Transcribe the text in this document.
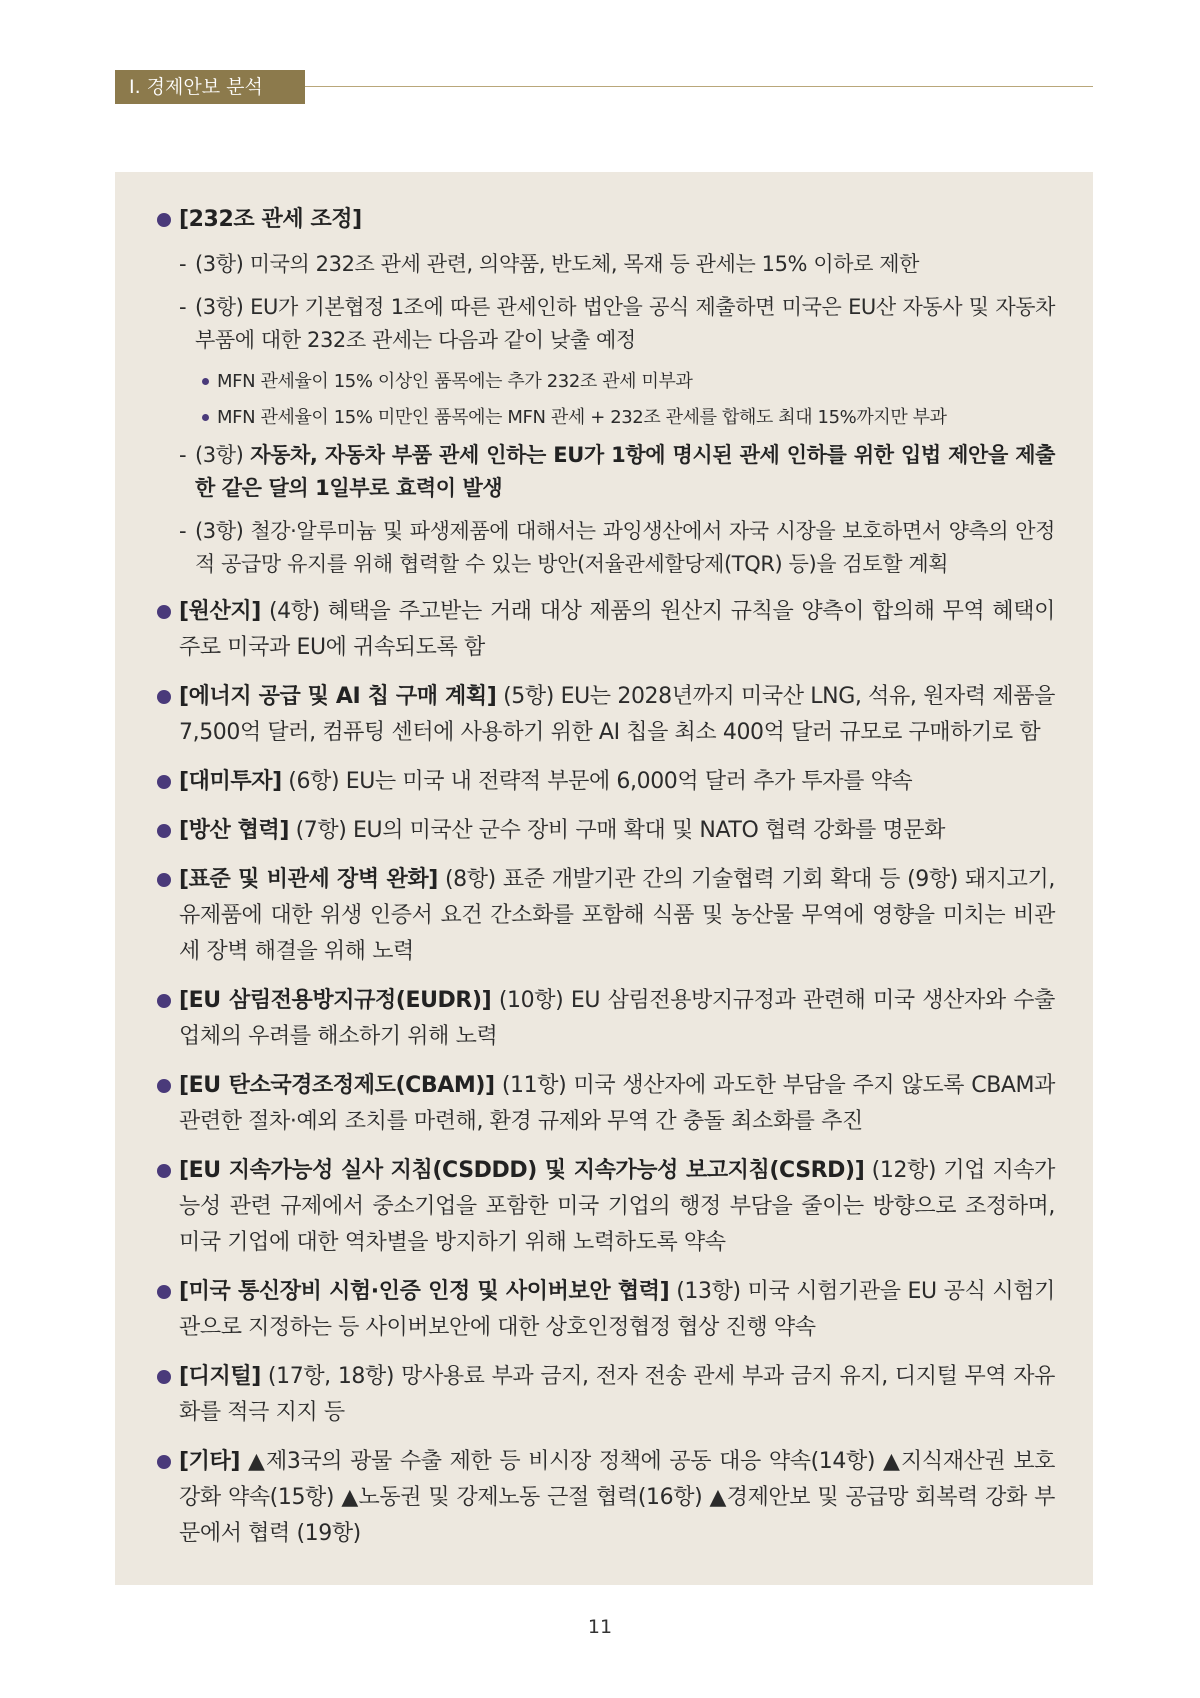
Ⅰ. 경제안보 분석
[232조 관세 조정]
- (3항) 미국의 232조 관세 관련, 의약품, 반도체, 목재 등 관세는 15% 이하로 제한
- (3항) EU가 기본협정 1조에 따른 관세인하 법안을 공식 제출하면 미국은 EU산 자동사 및 자동차 부품에 대한 232조 관세는 다음과 같이 낮출 예정
MFN 관세율이 15% 이상인 품목에는 추가 232조 관세 미부과
MFN 관세율이 15% 미만인 품목에는 MFN 관세 + 232조 관세를 합해도 최대 15%까지만 부과
- (3항) 자동차, 자동차 부품 관세 인하는 EU가 1항에 명시된 관세 인하를 위한 입법 제안을 제출한 같은 달의 1일부로 효력이 발생
- (3항) 철강·알루미늄 및 파생제품에 대해서는 과잉생산에서 자국 시장을 보호하면서 양측의 안정적 공급망 유지를 위해 협력할 수 있는 방안(저율관세할당제(TQR) 등)을 검토할 계획
[원산지] (4항) 혜택을 주고받는 거래 대상 제품의 원산지 규칙을 양측이 합의해 무역 혜택이 주로 미국과 EU에 귀속되도록 함
[에너지 공급 및 AI 칩 구매 계획] (5항) EU는 2028년까지 미국산 LNG, 석유, 원자력 제품을 7,500억 달러, 컴퓨팅 센터에 사용하기 위한 AI 칩을 최소 400억 달러 규모로 구매하기로 함
[대미투자] (6항) EU는 미국 내 전략적 부문에 6,000억 달러 추가 투자를 약속
[방산 협력] (7항) EU의 미국산 군수 장비 구매 확대 및 NATO 협력 강화를 명문화
[표준 및 비관세 장벽 완화] (8항) 표준 개발기관 간의 기술협력 기회 확대 등 (9항) 돼지고기, 유제품에 대한 위생 인증서 요건 간소화를 포함해 식품 및 농산물 무역에 영향을 미치는 비관세 장벽 해결을 위해 노력
[EU 삼림전용방지규정(EUDR)] (10항) EU 삼림전용방지규정과 관련해 미국 생산자와 수출업체의 우려를 해소하기 위해 노력
[EU 탄소국경조정제도(CBAM)] (11항) 미국 생산자에 과도한 부담을 주지 않도록 CBAM과 관련한 절차·예외 조치를 마련해, 환경 규제와 무역 간 충돌 최소화를 추진
[EU 지속가능성 실사 지침(CSDDD) 및 지속가능성 보고지침(CSRD)] (12항) 기업 지속가능성 관련 규제에서 중소기업을 포함한 미국 기업의 행정 부담을 줄이는 방향으로 조정하며, 미국 기업에 대한 역차별을 방지하기 위해 노력하도록 약속
[미국 통신장비 시험·인증 인정 및 사이버보안 협력] (13항) 미국 시험기관을 EU 공식 시험기관으로 지정하는 등 사이버보안에 대한 상호인정협정 협상 진행 약속
[디지털] (17항, 18항) 망사용료 부과 금지, 전자 전송 관세 부과 금지 유지, 디지털 무역 자유화를 적극 지지 등
[기타] ▲제3국의 광물 수출 제한 등 비시장 정책에 공동 대응 약속(14항) ▲지식재산권 보호 강화 약속(15항) ▲노동권 및 강제노동 근절 협력(16항) ▲경제안보 및 공급망 회복력 강화 부문에서 협력 (19항)
11
